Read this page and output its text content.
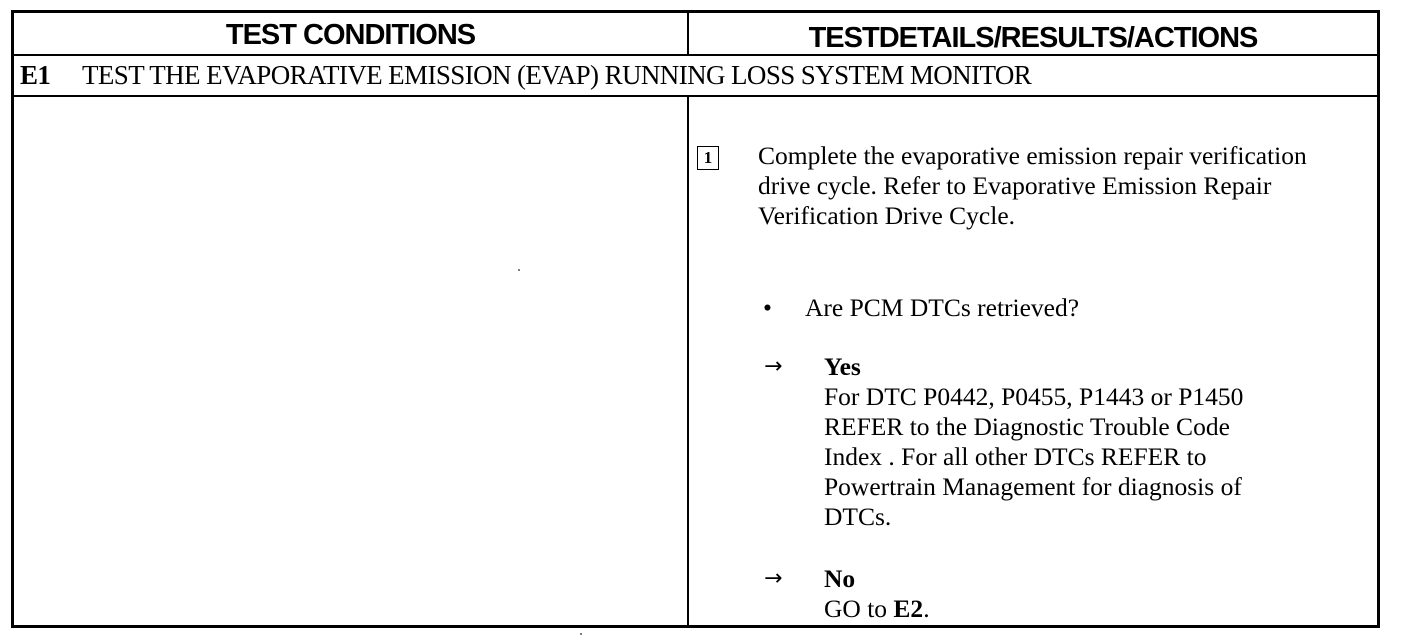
TEST CONDITIONS	TESTDETAILS/RESULTS/ACTIONS
E1	TEST THE EVAPORATIVE EMISSION (EVAP) RUNNING LOSS SYSTEM MONITOR
1 Complete the evaporative emission repair verification drive cycle. Refer to Evaporative Emission Repair Verification Drive Cycle.
•	Are PCM DTCs retrieved?
→	Yes
For DTC P0442, P0455, P1443 or P1450
REFER to the Diagnostic Trouble Code
Index . For all other DTCs REFER to
Powertrain Management for diagnosis of
DTCs.
→	No
GO to E2.
